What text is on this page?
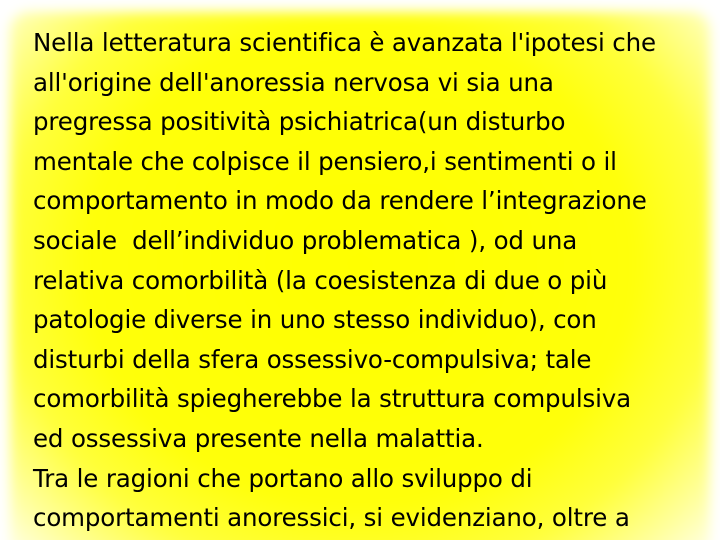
Nella letteratura scientifica è avanzata l'ipotesi che
all'origine dell'anoressia nervosa vi sia una
pregressa positività psichiatrica(un disturbo
mentale che colpisce il pensiero,i sentimenti o il
comportamento in modo da rendere l’integrazione
sociale  dell’individuo problematica ), od una
relativa comorbilità (la coesistenza di due o più
patologie diverse in uno stesso individuo), con
disturbi della sfera ossessivo-compulsiva; tale
comorbilità spiegherebbe la struttura compulsiva
ed ossessiva presente nella malattia.
Tra le ragioni che portano allo sviluppo di
comportamenti anoressici, si evidenziano, oltre a
